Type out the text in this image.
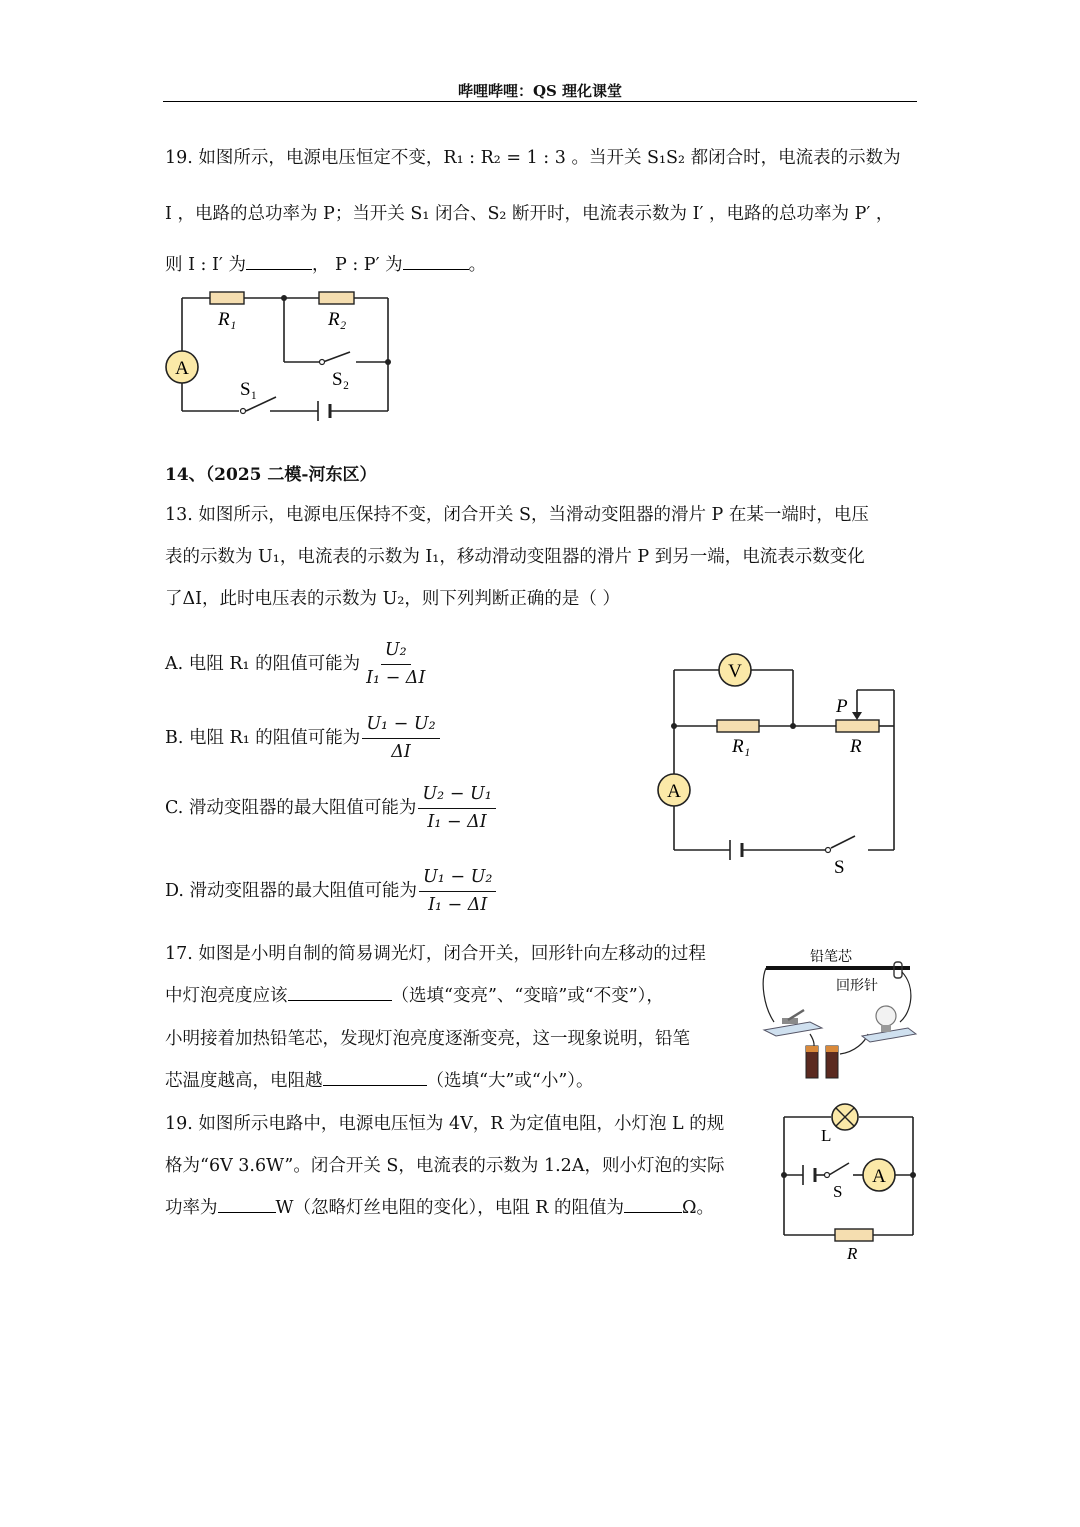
哔哩哔哩：QS 理化课堂
19. 如图所示，电源电压恒定不变，R₁ : R₂ = 1 : 3 。当开关 S₁S₂ 都闭合时，电流表的示数为
I ，电路的总功率为 P；当开关 S₁ 闭合、S₂ 断开时，电流表示数为 I′ ，电路的总功率为 P′ ，
则 I : I′ 为	， P : P′ 为	。
A
R₁	R₂
S₂
S₁
14、（2025 二模-河东区）
13. 如图所示，电源电压保持不变，闭合开关 S，当滑动变阻器的滑片 P 在某一端时，电压
表的示数为 U₁，电流表的示数为 I₁，移动滑动变阻器的滑片 P 到另一端，电流表示数变化
了ΔI，此时电压表的示数为 U₂，则下列判断正确的是（ ）
A. 电阻 R₁ 的阻值可能为 $\frac{\text{U₂}}{\text{I₁ − ΔI}}$
B. 电阻 R₁ 的阻值可能为 $\frac{\text{U₁ − U₂}}{\Delta I}$
C. 滑动变阻器的最大阻值可能为 $\frac{\text{U₂ − U₁}}{\text{I₁ − ΔI}}$
D. 滑动变阻器的最大阻值可能为 $\frac{\text{U₁ − U₂}}{\text{I₁ − ΔI}}$
V
A
P
R₁	R
S
17. 如图是小明自制的简易调光灯，闭合开关，回形针向左移动的过程
中灯泡亮度应该	（选填“变亮”、“变暗”或“不变”），
小明接着加热铅笔芯，发现灯泡亮度逐渐变亮，这一现象说明，铅笔
芯温度越高，电阻越	（选填“大”或“小”）。
铅笔芯
回形针
19. 如图所示电路中，电源电压恒为 4V，R 为定值电阻，小灯泡 L 的规
格为“6V 3.6W”。闭合开关 S，电流表的示数为 1.2A，则小灯泡的实际
功率为	W（忽略灯丝电阻的变化），电阻 R 的阻值为	Ω。
A
L
S
R
